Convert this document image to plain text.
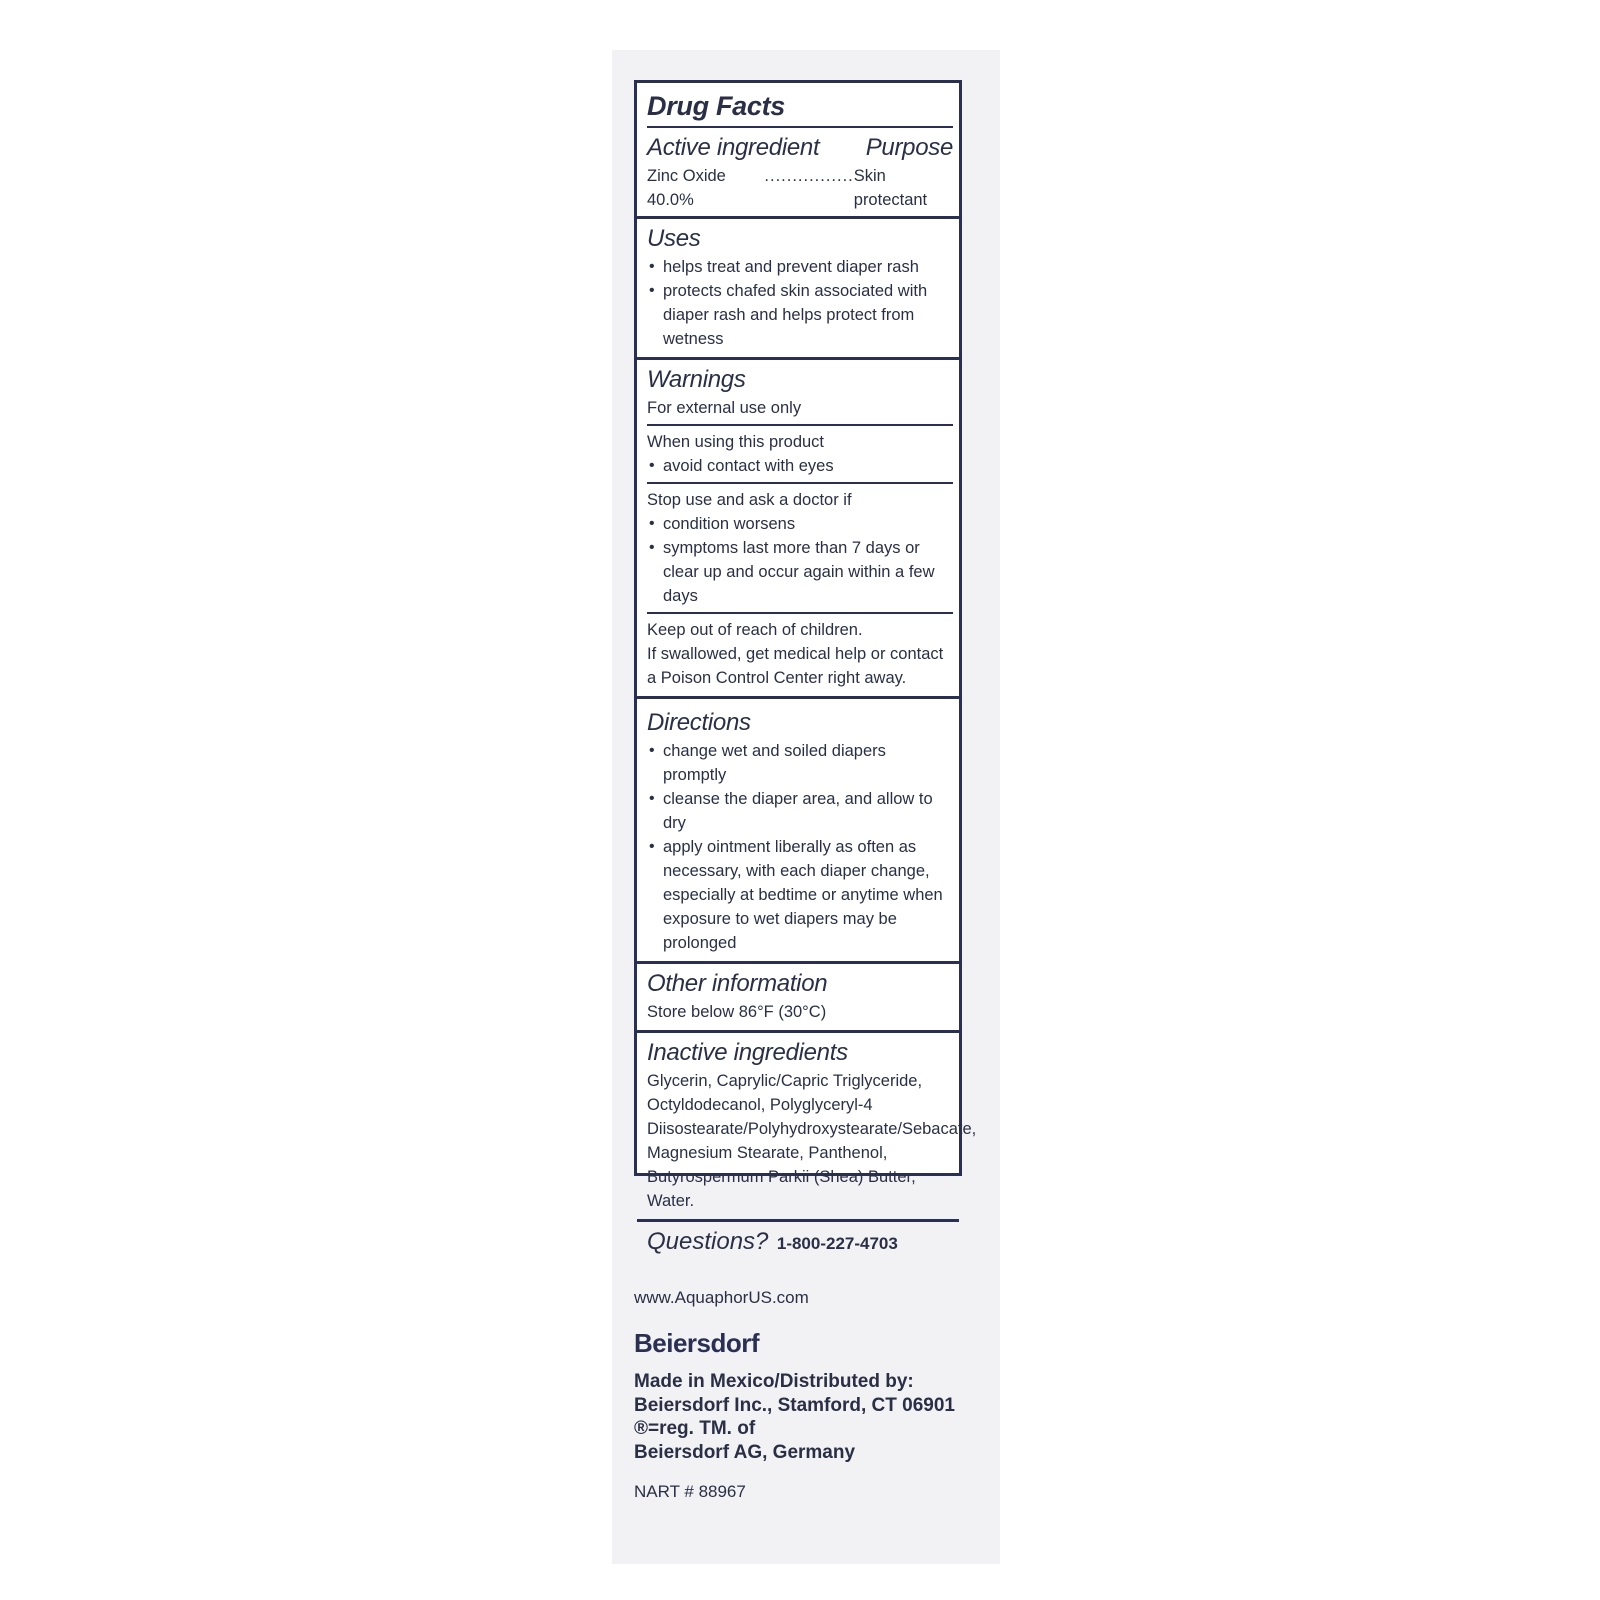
Drug Facts
Active ingredient Purpose
Zinc Oxide 40.0%
................ Skin protectant
Uses
• helps treat and prevent diaper rash
• protects chafed skin associated with diaper rash and helps protect from wetness
Warnings
For external use only
When using this product
• avoid contact with eyes
Stop use and ask a doctor if
• condition worsens
• symptoms last more than 7 days or clear up and occur again within a few days
Keep out of reach of children.
If swallowed, get medical help or contact a Poison Control Center right away.
Directions
• change wet and soiled diapers promptly
• cleanse the diaper area, and allow to dry
• apply ointment liberally as often as necessary, with each diaper change, especially at bedtime or anytime when exposure to wet diapers may be prolonged
Other information
Store below 86°F (30°C)
Inactive ingredients
Glycerin, Caprylic/Capric Triglyceride, Octyldodecanol, Polyglyceryl-4 Diisostearate/Polyhydroxystearate/Sebacate, Magnesium Stearate, Panthenol, Butyrospermum Parkii (Shea) Butter, Water.
Questions? 1-800-227-4703
www.AquaphorUS.com
Beiersdorf
Made in Mexico/Distributed by:
Beiersdorf Inc., Stamford, CT 06901
®=reg. TM. of
Beiersdorf AG, Germany
NART # 88967
